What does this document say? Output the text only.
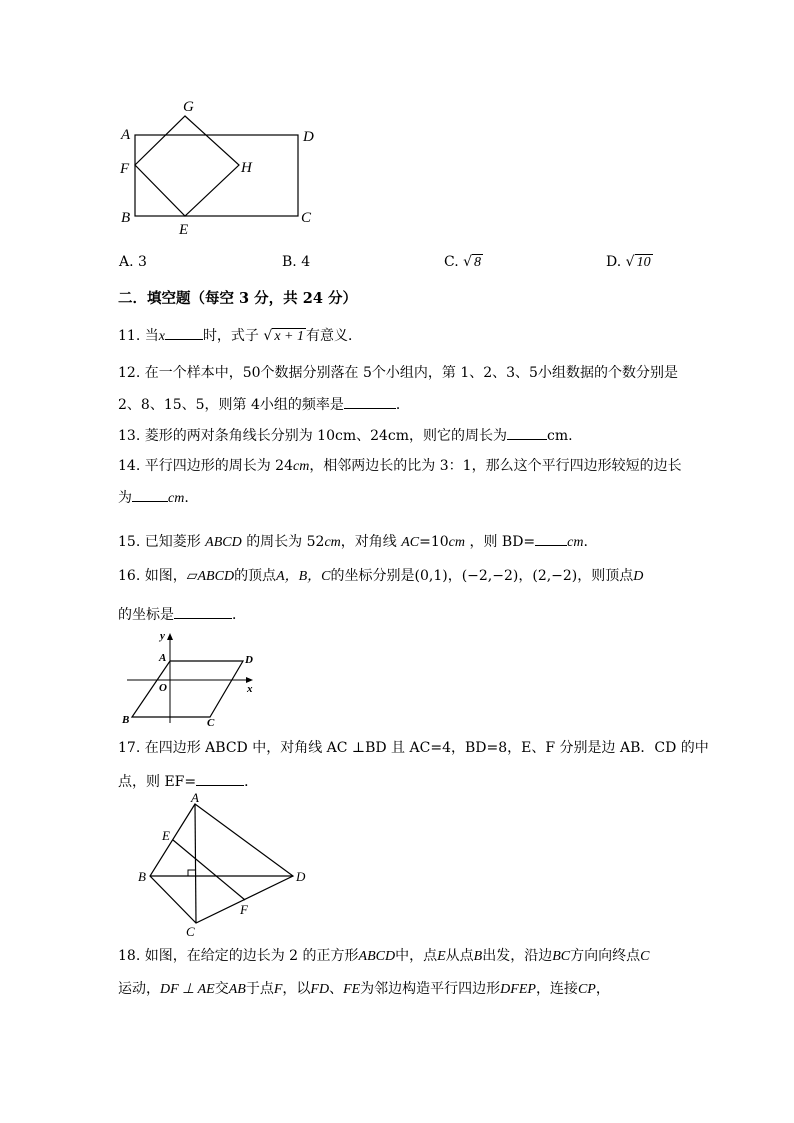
G
A	D
F	H
B
E
C
A. 3	B. 4	C. √ 8	D. √ 10
二．填空题（每空 3 分，共 24 分）
11. 当x	时，式子 √ x + 1 有意义．
12. 在一个样本中，50个数据分别落在 5个小组内，第 1、2、3、5小组数据的个数分别是
2、8、15、5，则第 4小组的频率是	．
13. 菱形的两对条角线长分别为 10cm、24cm，则它的周长为	cm.
14. 平行四边形的周长为 24cm，相邻两边长的比为 3：1，那么这个平行四边形较短的边长
为	cm.
15. 已知菱形 ABCD 的周长为 52cm，对角线 AC=10cm ，则 BD= cm.
16. 如图，▱ABCD的顶点A，B，C的坐标分别是(0,1)，(−2,−2)，(2,−2)，则顶点D
的坐标是	．
y
A	D
O	x
B	C
17. 在四边形 ABCD 中，对角线 AC ⊥BD 且 AC=4，BD=8，E、F 分别是边 AB．CD 的中
点，则 EF=	．
A
E
B	D
F
C
18. 如图，在给定的边长为 2 的正方形ABCD中，点E从点B出发，沿边BC方向向终点C
运动，DF ⊥ AE交AB于点F，以FD、FE为邻边构造平行四边形DFEP，连接CP，
